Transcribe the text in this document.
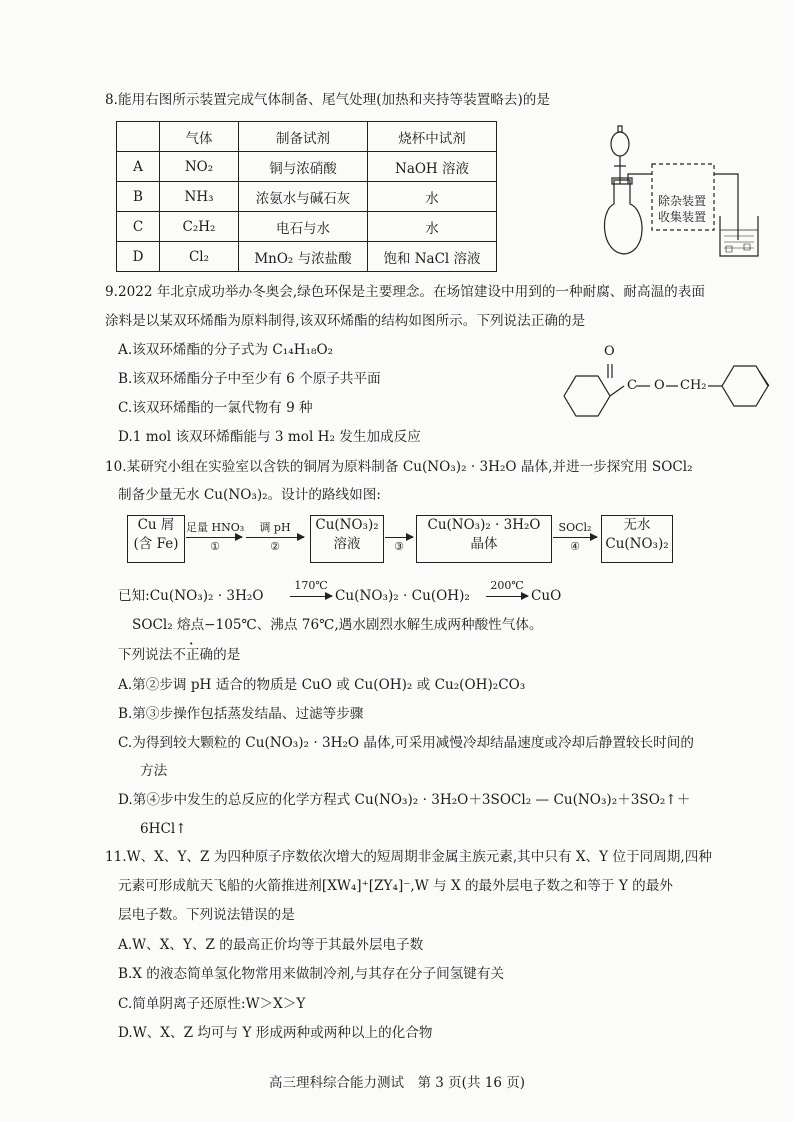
8.能用右图所示装置完成气体制备、尾气处理(加热和夹持等装置略去)的是
	气体	制备试剂	烧杯中试剂
A	NO₂	铜与浓硝酸	NaOH 溶液
B	NH₃	浓氨水与碱石灰	水
C	C₂H₂	电石与水	水
D	Cl₂	MnO₂ 与浓盐酸	饱和 NaCl 溶液
除杂装置
收集装置
9.2022 年北京成功举办冬奥会,绿色环保是主要理念。在场馆建设中用到的一种耐腐、耐高温的表面
涂料是以某双环烯酯为原料制得,该双环烯酯的结构如图所示。下列说法正确的是
A.该双环烯酯的分子式为 C₁₄H₁₈O₂
B.该双环烯酯分子中至少有 6 个原子共平面
C.该双环烯酯的一氯代物有 9 种
D.1 mol 该双环烯酯能与 3 mol H₂ 发生加成反应
O
C O CH₂
10.某研究小组在实验室以含铁的铜屑为原料制备 Cu(NO₃)₂ · 3H₂O 晶体,并进一步探究用 SOCl₂
制备少量无水 Cu(NO₃)₂。设计的路线如图:
Cu 屑
(含 Fe)
足量 HNO₃
①
调 pH
②
Cu(NO₃)₂
溶液	③
Cu(NO₃)₂ · 3H₂O
晶体
SOCl₂
④
无水
Cu(NO₃)₂
已知:Cu(NO₃)₂ · 3H₂O
170℃
Cu(NO₃)₂ · Cu(OH)₂
200℃
CuO
SOCl₂ 熔点−105℃、沸点 76℃,遇水剧烈水解生成两种酸性气体。
下列说法不正确的是
A.第②步调 pH 适合的物质是 CuO 或 Cu(OH)₂ 或 Cu₂(OH)₂CO₃
B.第③步操作包括蒸发结晶、过滤等步骤
C.为得到较大颗粒的 Cu(NO₃)₂ · 3H₂O 晶体,可采用减慢冷却结晶速度或冷却后静置较长时间的
方法
D.第④步中发生的总反应的化学方程式 Cu(NO₃)₂ · 3H₂O＋3SOCl₂ — Cu(NO₃)₂＋3SO₂↑＋
6HCl↑
11.W、X、Y、Z 为四种原子序数依次增大的短周期非金属主族元素,其中只有 X、Y 位于同周期,四种
元素可形成航天飞船的火箭推进剂[XW₄]⁺[ZY₄]⁻,W 与 X 的最外层电子数之和等于 Y 的最外
层电子数。下列说法错误的是
A.W、X、Y、Z 的最高正价均等于其最外层电子数
B.X 的液态简单氢化物常用来做制冷剂,与其存在分子间氢键有关
C.简单阴离子还原性:W＞X＞Y
D.W、X、Z 均可与 Y 形成两种或两种以上的化合物
高三理科综合能力测试　第 3 页(共 16 页)
